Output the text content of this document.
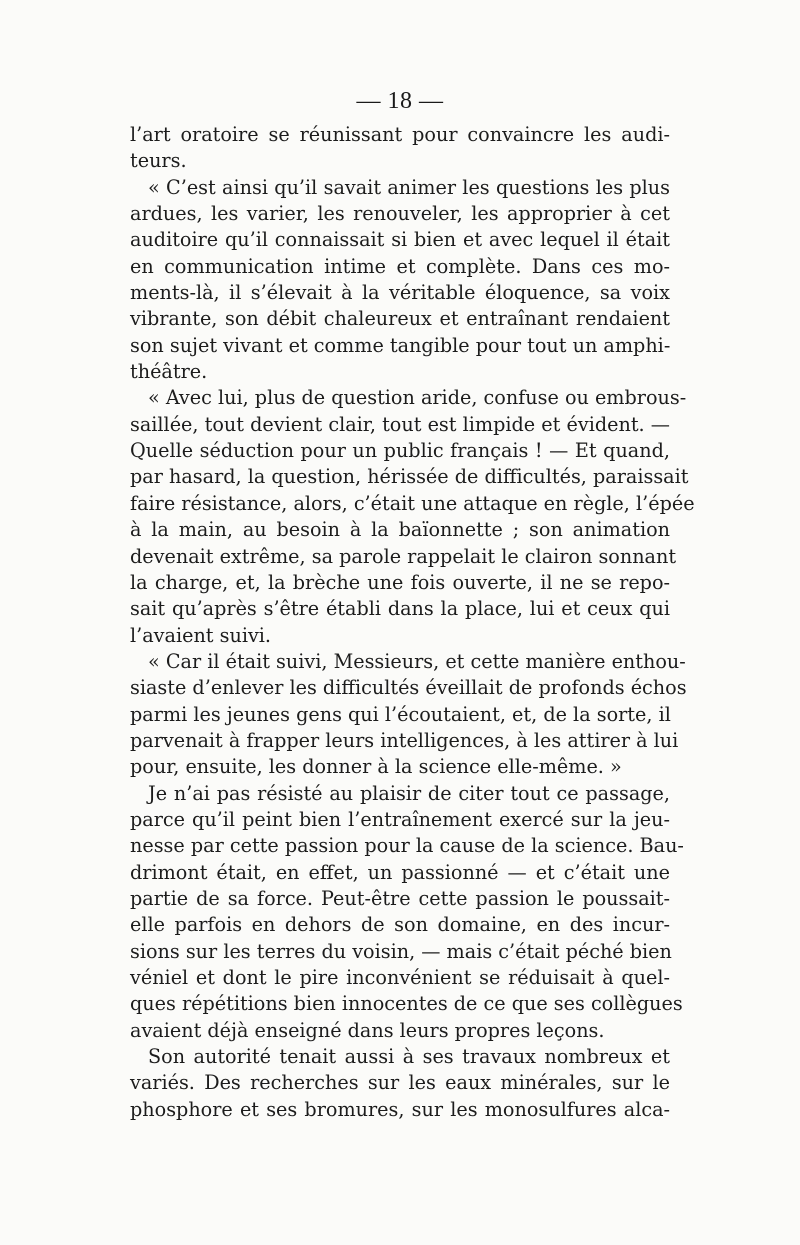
— 18 —
l’art oratoire se réunissant pour convaincre les audi-
teurs.
« C’est ainsi qu’il savait animer les questions les plus
ardues, les varier, les renouveler, les approprier à cet
auditoire qu’il connaissait si bien et avec lequel il était
en communication intime et complète. Dans ces mo-
ments-là, il s’élevait à la véritable éloquence, sa voix
vibrante, son débit chaleureux et entraînant rendaient
son sujet vivant et comme tangible pour tout un amphi-
théâtre.
« Avec lui, plus de question aride, confuse ou embrous-
saillée, tout devient clair, tout est limpide et évident. —
Quelle séduction pour un public français ! — Et quand,
par hasard, la question, hérissée de difficultés, paraissait
faire résistance, alors, c’était une attaque en règle, l’épée
à la main, au besoin à la baïonnette ; son animation
devenait extrême, sa parole rappelait le clairon sonnant
la charge, et, la brèche une fois ouverte, il ne se repo-
sait qu’après s’être établi dans la place, lui et ceux qui
l’avaient suivi.
« Car il était suivi, Messieurs, et cette manière enthou-
siaste d’enlever les difficultés éveillait de profonds échos
parmi les jeunes gens qui l’écoutaient, et, de la sorte, il
parvenait à frapper leurs intelligences, à les attirer à lui
pour, ensuite, les donner à la science elle-même. »
Je n’ai pas résisté au plaisir de citer tout ce passage,
parce qu’il peint bien l’entraînement exercé sur la jeu-
nesse par cette passion pour la cause de la science. Bau-
drimont était, en effet, un passionné — et c’était une
partie de sa force. Peut-être cette passion le poussait-
elle parfois en dehors de son domaine, en des incur-
sions sur les terres du voisin, — mais c’était péché bien
véniel et dont le pire inconvénient se réduisait à quel-
ques répétitions bien innocentes de ce que ses collègues
avaient déjà enseigné dans leurs propres leçons.
Son autorité tenait aussi à ses travaux nombreux et
variés. Des recherches sur les eaux minérales, sur le
phosphore et ses bromures, sur les monosulfures alca-
